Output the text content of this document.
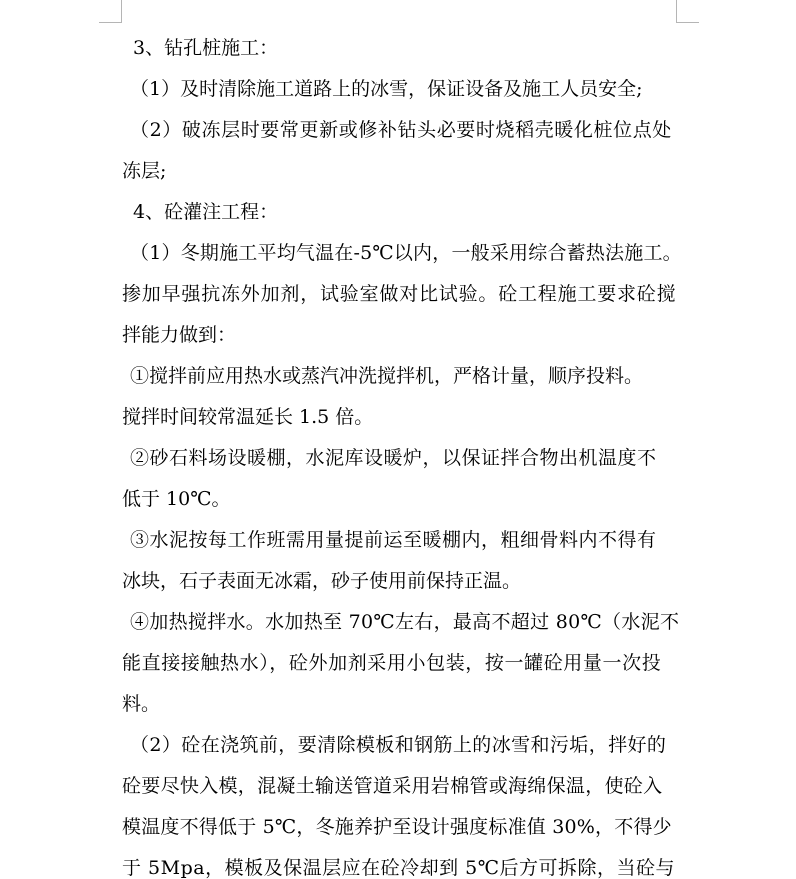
3、钻孔桩施工：
（1）及时清除施工道路上的冰雪，保证设备及施工人员安全;
（2）破冻层时要常更新或修补钻头必要时烧稻壳暖化桩位点处
冻层;
4、砼灌注工程：
（1）冬期施工平均气温在-5℃以内，一般采用综合蓄热法施工。
掺加早强抗冻外加剂，试验室做对比试验。砼工程施工要求砼搅
拌能力做到：
①搅拌前应用热水或蒸汽冲洗搅拌机，严格计量，顺序投料。
搅拌时间较常温延长 1.5 倍。
②砂石料场设暖棚，水泥库设暖炉，以保证拌合物出机温度不
低于 10℃。
③水泥按每工作班需用量提前运至暖棚内，粗细骨料内不得有
冰块，石子表面无冰霜，砂子使用前保持正温。
④加热搅拌水。水加热至 70℃左右，最高不超过 80℃（水泥不
能直接接触热水），砼外加剂采用小包装，按一罐砼用量一次投
料。
（2）砼在浇筑前，要清除模板和钢筋上的冰雪和污垢，拌好的
砼要尽快入模，混凝土输送管道采用岩棉管或海绵保温，使砼入
模温度不得低于 5℃，冬施养护至设计强度标准值 30%，不得少
于 5Mpa，模板及保温层应在砼冷却到 5℃后方可拆除，当砼与
